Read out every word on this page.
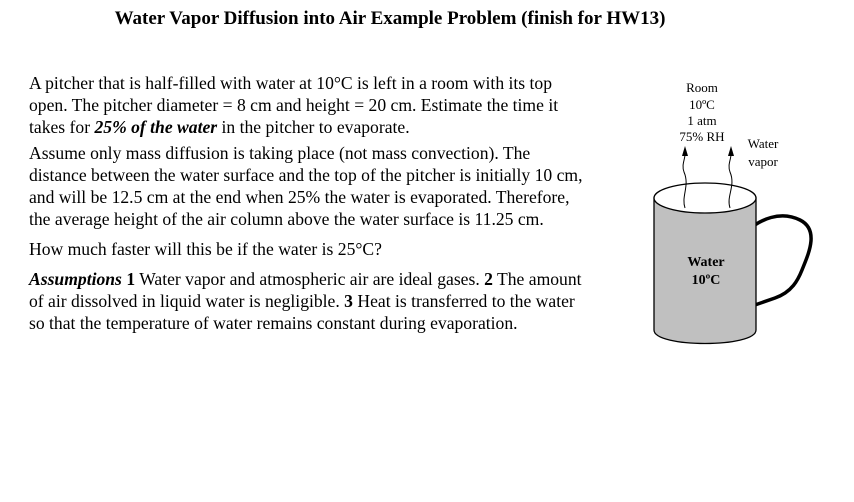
Water Vapor Diffusion into Air Example Problem (finish for HW13)

A pitcher that is half-filled with water at 10°C is left in a room with its top open. The pitcher diameter = 8 cm and height = 20 cm. Estimate the time it takes for 25% of the water in the pitcher to evaporate.

Assume only mass diffusion is taking place (not mass convection). The distance between the water surface and the top of the pitcher is initially 10 cm, and will be 12.5 cm at the end when 25% the water is evaporated. Therefore, the average height of the air column above the water surface is 11.25 cm.

How much faster will this be if the water is 25°C?

Assumptions 1 Water vapor and atmospheric air are ideal gases. 2 The amount of air dissolved in liquid water is negligible. 3 Heat is transferred to the water so that the temperature of water remains constant during evaporation.

Room
10ºC
1 atm
75% RH	Water
vapor
Water
10ºC
